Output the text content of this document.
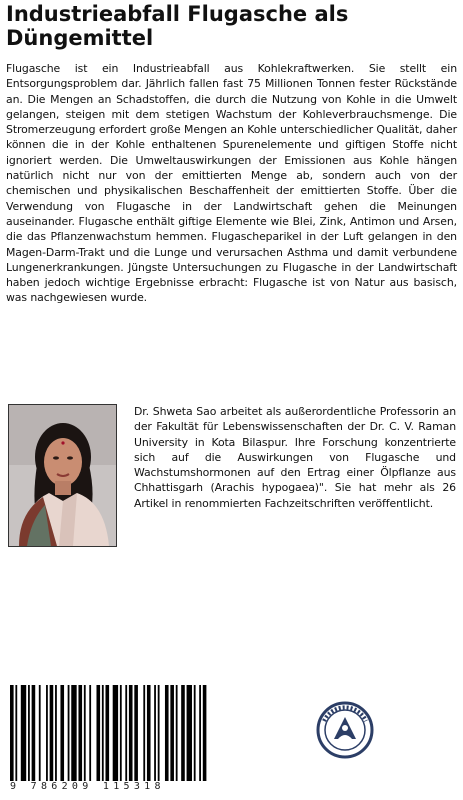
Industrieabfall Flugasche als Düngemittel

Flugasche ist ein Industrieabfall aus Kohlekraftwerken. Sie stellt ein Entsorgungsproblem dar. Jährlich fallen fast 75 Millionen Tonnen fester Rückstände an. Die Mengen an Schadstoffen, die durch die Nutzung von Kohle in die Umwelt gelangen, steigen mit dem stetigen Wachstum der Kohleverbrauchsmenge. Die Stromerzeugung erfordert große Mengen an Kohle unterschiedlicher Qualität, daher können die in der Kohle enthaltenen Spurenelemente und giftigen Stoffe nicht ignoriert werden. Die Umweltauswirkungen der Emissionen aus Kohle hängen natürlich nicht nur von der emittierten Menge ab, sondern auch von der chemischen und physikalischen Beschaffenheit der emittierten Stoffe. Über die Verwendung von Flugasche in der Landwirtschaft gehen die Meinungen auseinander. Flugasche enthält giftige Elemente wie Blei, Zink, Antimon und Arsen, die das Pflanzenwachstum hemmen. Flugascheparikel in der Luft gelangen in den Magen-Darm-Trakt und die Lunge und verursachen Asthma und damit verbundene Lungenerkrankungen. Jüngste Untersuchungen zu Flugasche in der Landwirtschaft haben jedoch wichtige Ergebnisse erbracht: Flugasche ist von Natur aus basisch, was nachgewiesen wurde.

Dr. Shweta Sao arbeitet als außerordentliche Professorin an der Fakultät für Lebenswissenschaften der Dr. C. V. Raman University in Kota Bilaspur. Ihre Forschung konzentrierte sich auf die Auswirkungen von Flugasche und Wachstumshormonen auf den Ertrag einer Ölpflanze aus Chhattisgarh (Arachis hypogaea)". Sie hat mehr als 26 Artikel in renommierten Fachzeitschriften veröffentlicht.

9 786209 115318
